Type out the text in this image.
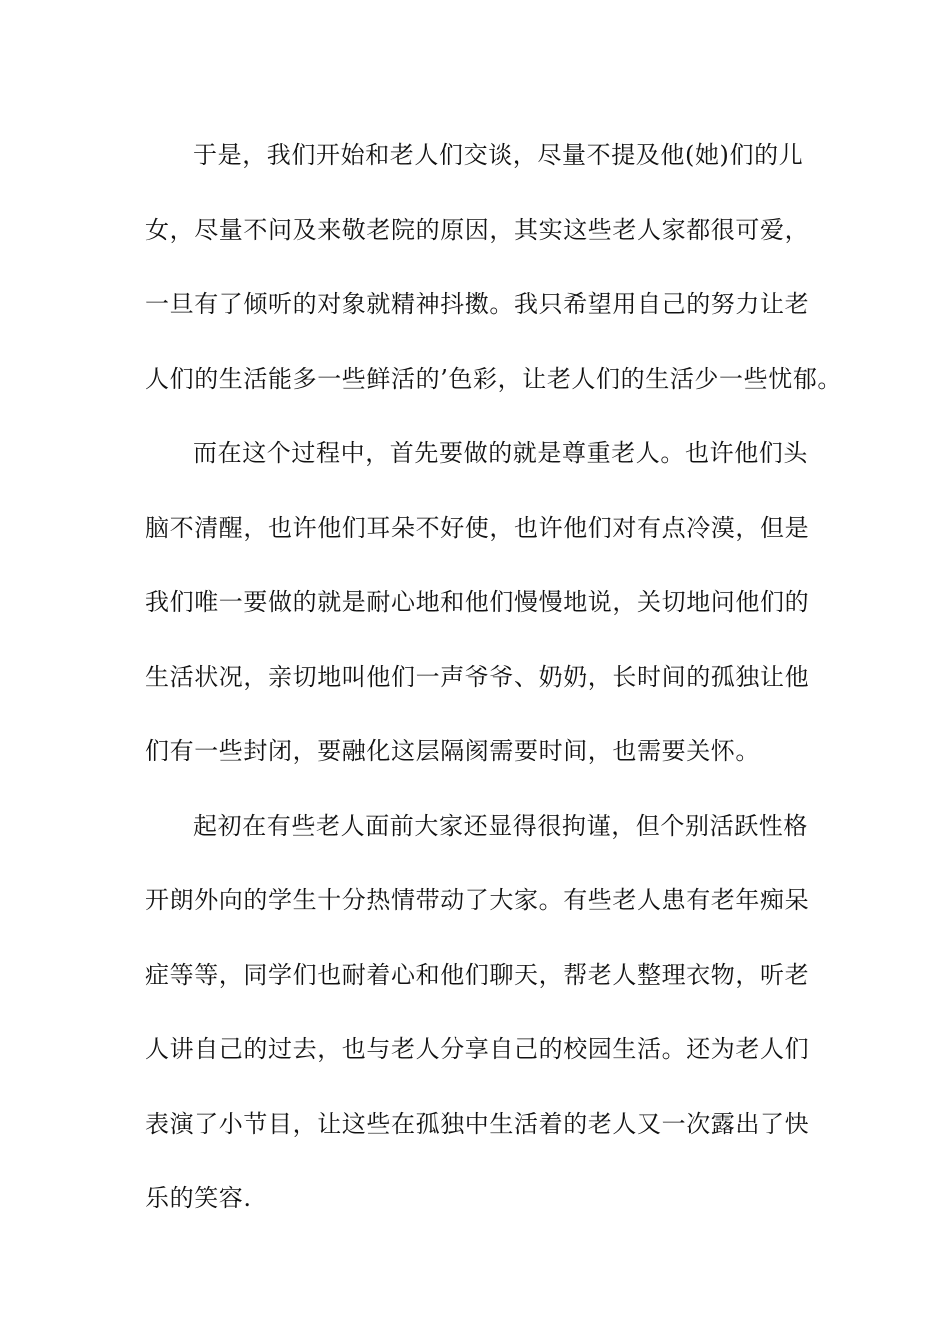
于是，我们开始和老人们交谈，尽量不提及他(她)们的儿
女，尽量不问及来敬老院的原因，其实这些老人家都很可爱，
一旦有了倾听的对象就精神抖擞。我只希望用自己的努力让老
人们的生活能多一些鲜活的’色彩，让老人们的生活少一些忧郁。
而在这个过程中，首先要做的就是尊重老人。也许他们头
脑不清醒，也许他们耳朵不好使，也许他们对有点冷漠，但是
我们唯一要做的就是耐心地和他们慢慢地说，关切地问他们的
生活状况，亲切地叫他们一声爷爷、奶奶，长时间的孤独让他
们有一些封闭，要融化这层隔阂需要时间，也需要关怀。
起初在有些老人面前大家还显得很拘谨，但个别活跃性格
开朗外向的学生十分热情带动了大家。有些老人患有老年痴呆
症等等，同学们也耐着心和他们聊天，帮老人整理衣物，听老
人讲自己的过去，也与老人分享自己的校园生活。还为老人们
表演了小节目，让这些在孤独中生活着的老人又一次露出了快
乐的笑容.
